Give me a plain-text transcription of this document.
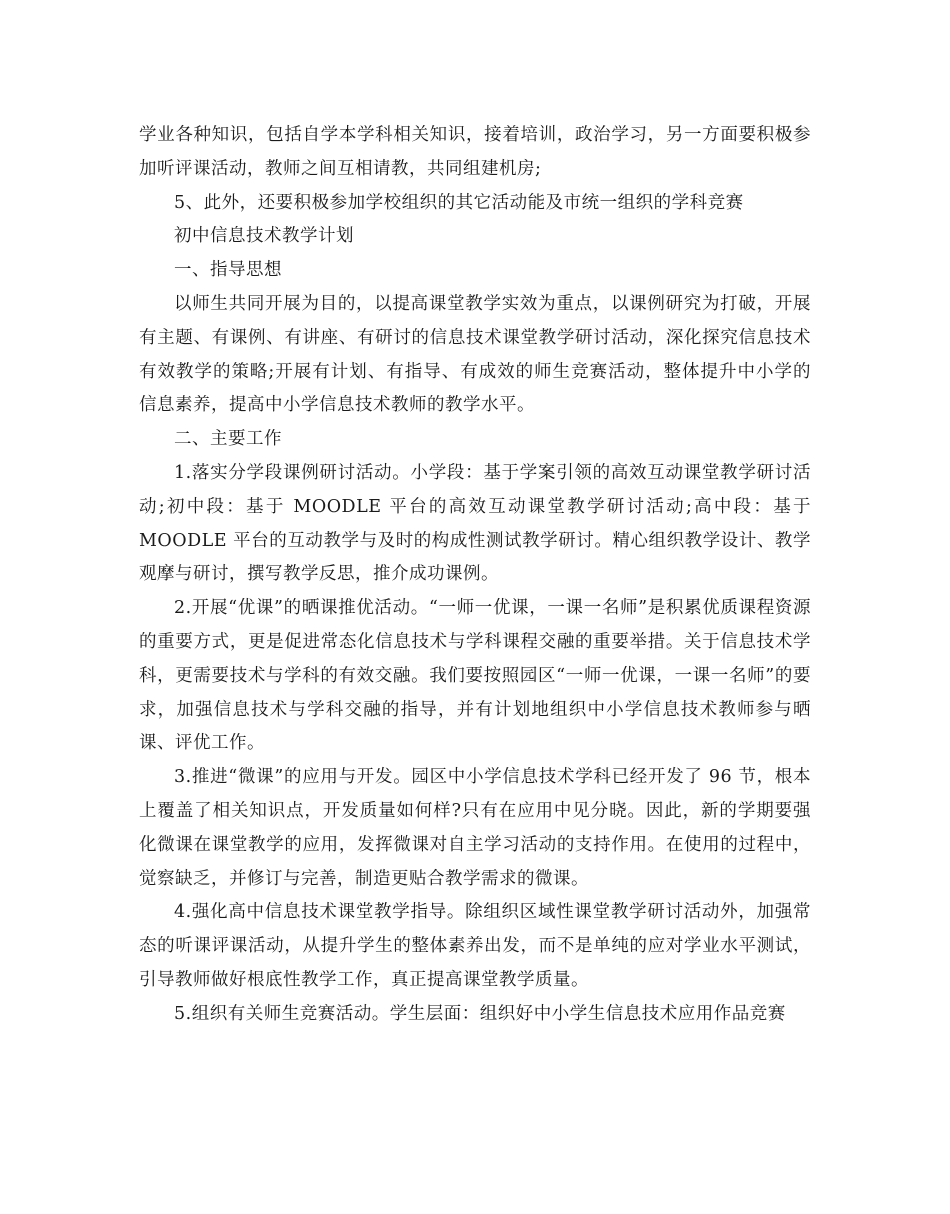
学业各种知识，包括自学本学科相关知识，接着培训，政治学习，另一方面要积极参加听评课活动，教师之间互相请教，共同组建机房;

5、此外，还要积极参加学校组织的其它活动能及市统一组织的学科竞赛

初中信息技术教学计划

一、指导思想

以师生共同开展为目的，以提高课堂教学实效为重点，以课例研究为打破，开展有主题、有课例、有讲座、有研讨的信息技术课堂教学研讨活动，深化探究信息技术有效教学的策略;开展有计划、有指导、有成效的师生竞赛活动，整体提升中小学的信息素养，提高中小学信息技术教师的教学水平。

二、主要工作

1.落实分学段课例研讨活动。小学段：基于学案引领的高效互动课堂教学研讨活动;初中段：基于 MOODLE 平台的高效互动课堂教学研讨活动;高中段：基于 MOODLE 平台的互动教学与及时的构成性测试教学研讨。精心组织教学设计、教学观摩与研讨，撰写教学反思，推介成功课例。

2.开展“优课”的晒课推优活动。“一师一优课，一课一名师”是积累优质课程资源的重要方式，更是促进常态化信息技术与学科课程交融的重要举措。关于信息技术学科，更需要技术与学科的有效交融。我们要按照园区“一师一优课，一课一名师”的要求，加强信息技术与学科交融的指导，并有计划地组织中小学信息技术教师参与晒课、评优工作。

3.推进“微课”的应用与开发。园区中小学信息技术学科已经开发了 96 节，根本上覆盖了相关知识点，开发质量如何样?只有在应用中见分晓。因此，新的学期要强化微课在课堂教学的应用，发挥微课对自主学习活动的支持作用。在使用的过程中，觉察缺乏，并修订与完善，制造更贴合教学需求的微课。

4.强化高中信息技术课堂教学指导。除组织区域性课堂教学研讨活动外，加强常态的听课评课活动，从提升学生的整体素养出发，而不是单纯的应对学业水平测试，引导教师做好根底性教学工作，真正提高课堂教学质量。

5.组织有关师生竞赛活动。学生层面：组织好中小学生信息技术应用作品竞赛
